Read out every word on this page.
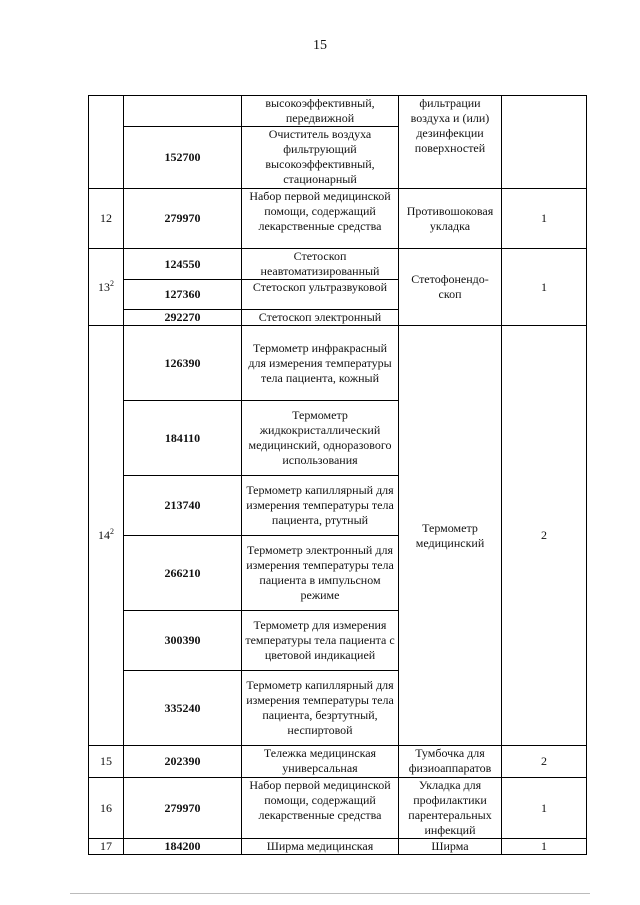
15
		высокоэффективный, передвижной	фильтрации воздуха и (или) дезинфекции поверхностей	
	152700	Очиститель воздуха фильтрующий высокоэффективный, стационарный		
12	279970	Набор первой медицинской помощи, содержащий лекарственные средства	Противошоковая укладка	1
$13^2$	124550	Стетоскоп неавтоматизированный	Стетофонендо-скоп	1
	127360	Стетоскоп ультразвуковой		
	292270	Стетоскоп электронный		
$14^2$	126390	Термометр инфракрасный для измерения температуры тела пациента, кожный	Термометр медицинский	2
	184110	Термометр жидкокристаллический медицинский, одноразового использования		
	213740	Термометр капиллярный для измерения температуры тела пациента, ртутный		
	266210	Термометр электронный для измерения температуры тела пациента в импульсном режиме		
	300390	Термометр для измерения температуры тела пациента с цветовой индикацией		
	335240	Термометр капиллярный для измерения температуры тела пациента, безртутный, неспиртовой		
15	202390	Тележка медицинская универсальная	Тумбочка для физиоаппаратов	2
16	279970	Набор первой медицинской помощи, содержащий лекарственные средства	Укладка для профилактики парентеральных инфекций	1
17	184200	Ширма медицинская	Ширма	1
